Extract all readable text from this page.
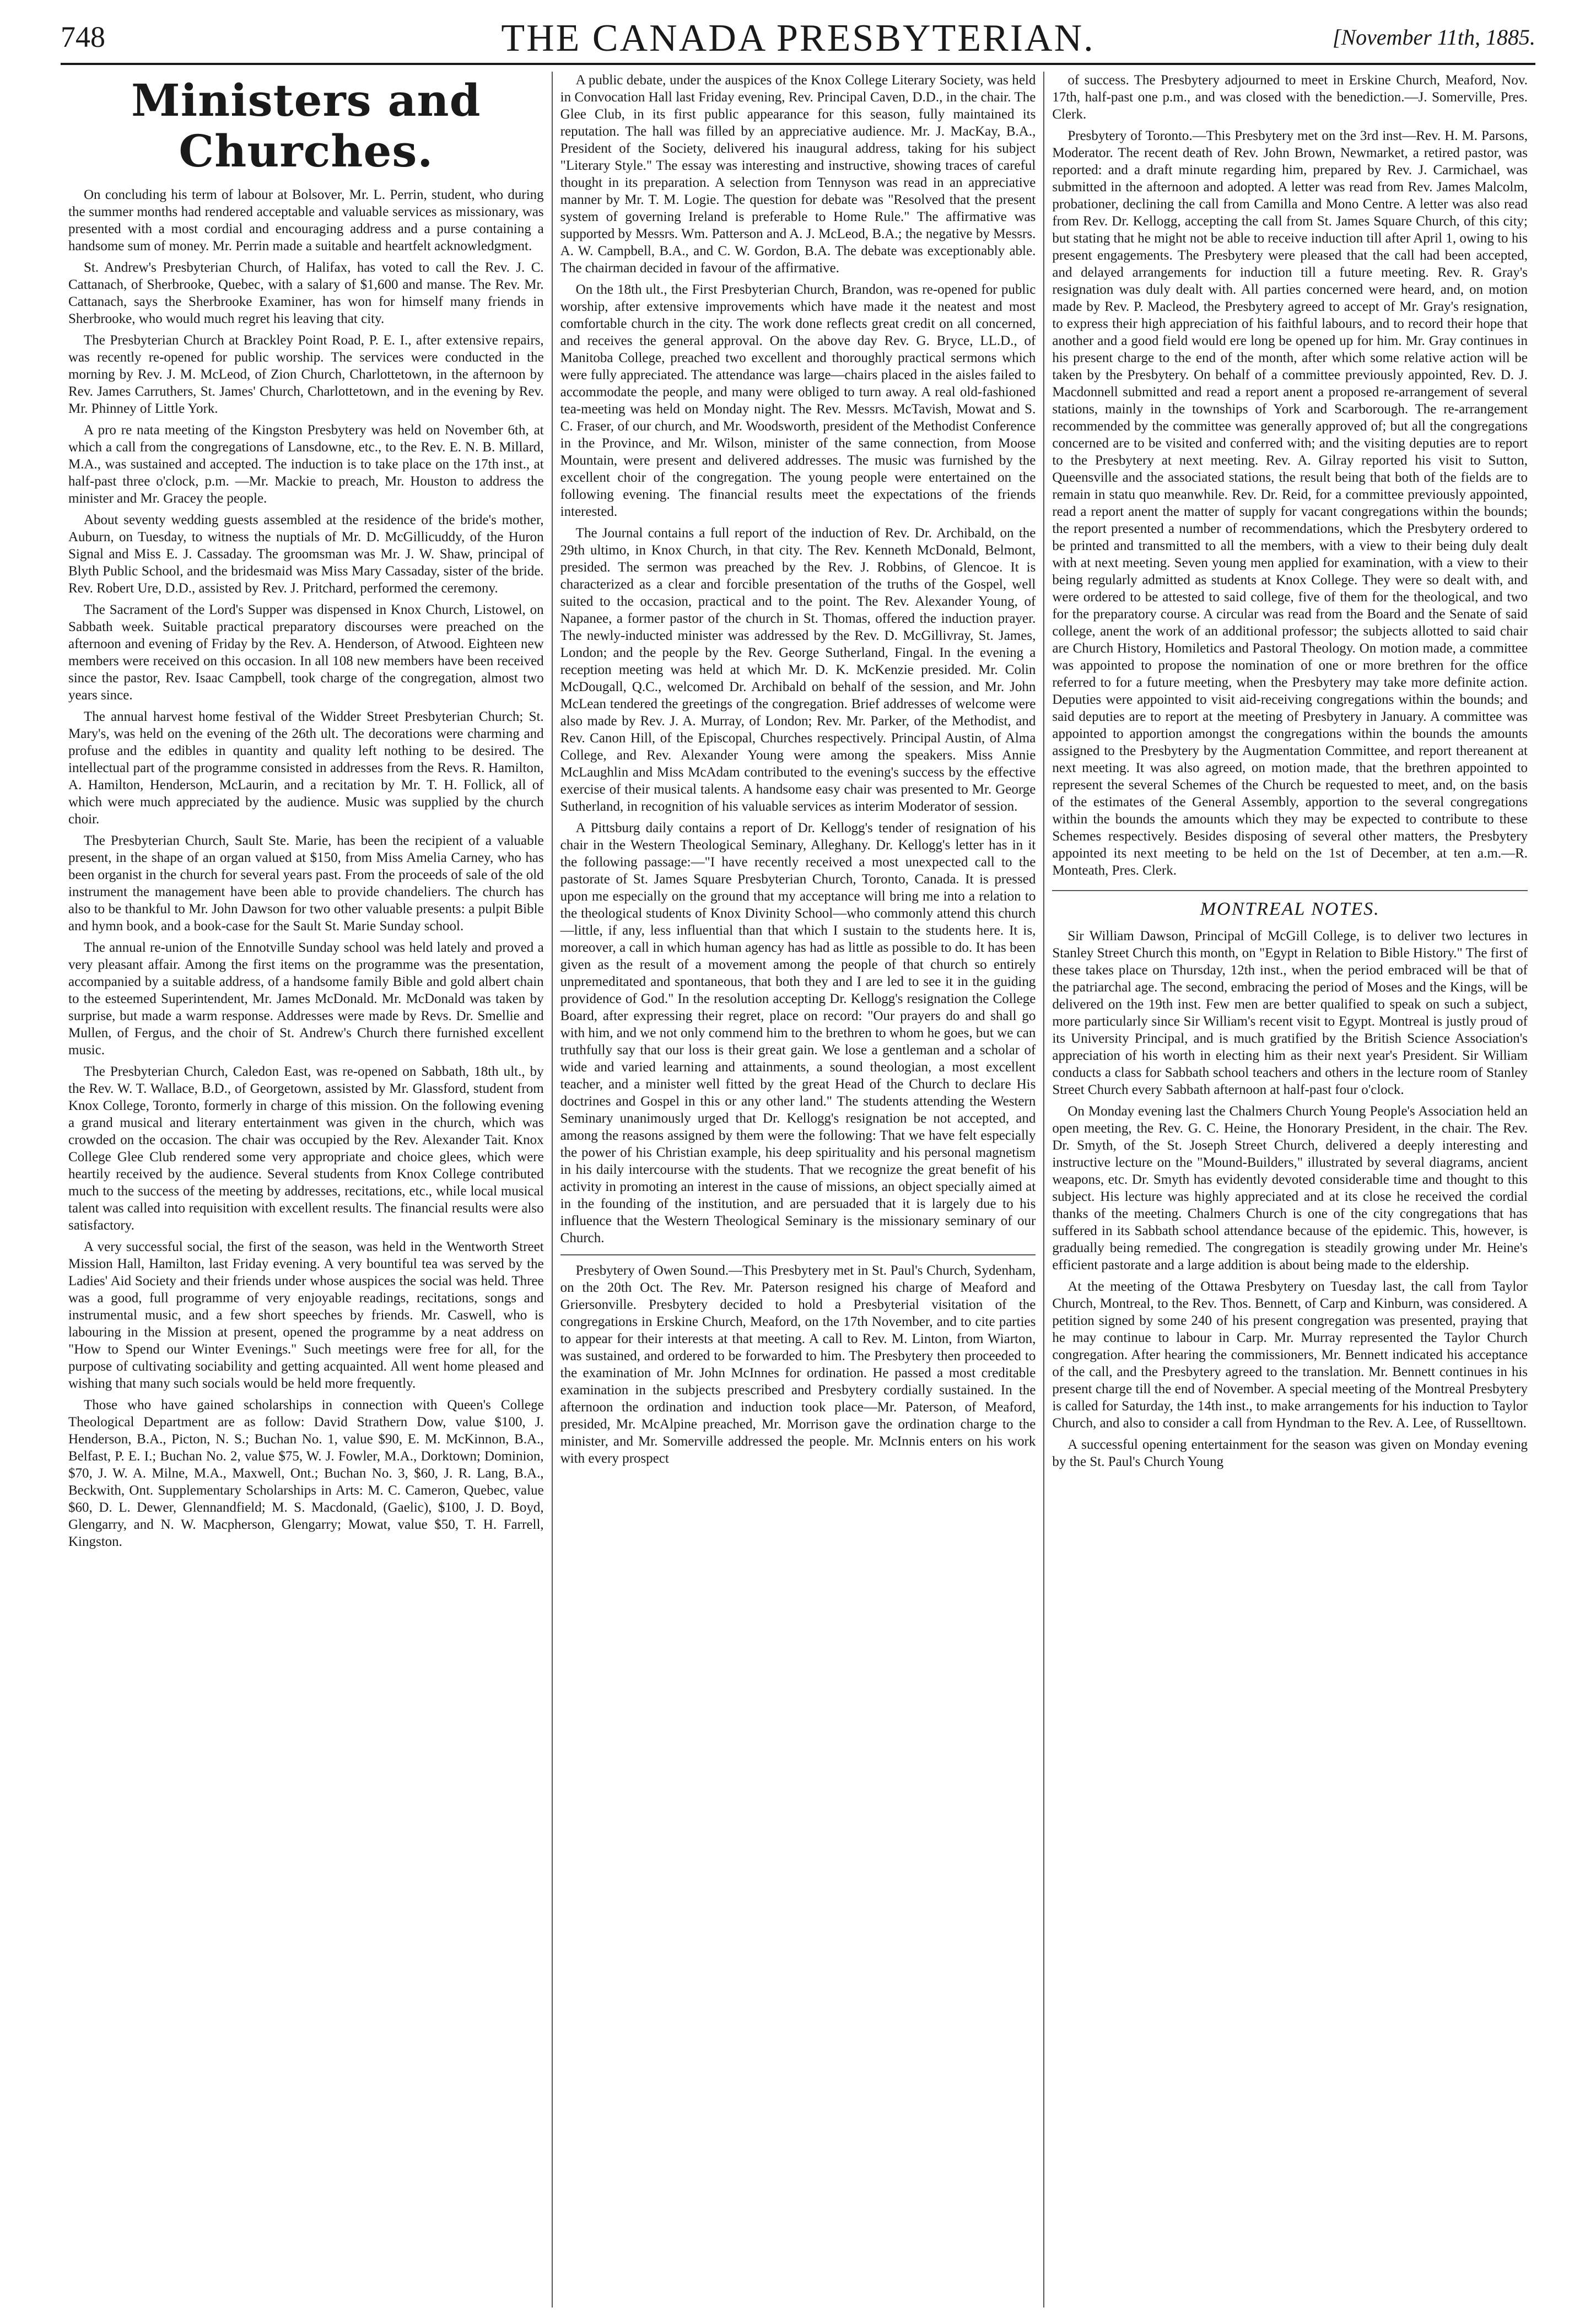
748	THE CANADA PRESBYTERIAN.	[November 11th, 1885.
Ministers and Churches.

On concluding his term of labour at Bolsover, Mr. L. Perrin, student, who during the summer months had rendered acceptable and valuable services as missionary, was presented with a most cordial and encouraging address and a purse containing a handsome sum of money. Mr. Perrin made a suitable and heartfelt acknowledgment.

St. Andrew's Presbyterian Church, of Halifax, has voted to call the Rev. J. C. Cattanach, of Sherbrooke, Quebec, with a salary of $1,600 and manse. The Rev. Mr. Cattanach, says the Sherbrooke Examiner, has won for himself many friends in Sherbrooke, who would much regret his leaving that city.

The Presbyterian Church at Brackley Point Road, P. E. I., after extensive repairs, was recently re-opened for public worship. The services were conducted in the morning by Rev. J. M. McLeod, of Zion Church, Charlottetown, in the afternoon by Rev. James Carruthers, St. James' Church, Charlottetown, and in the evening by Rev. Mr. Phinney of Little York.

A pro re nata meeting of the Kingston Presbytery was held on November 6th, at which a call from the congregations of Lansdowne, etc., to the Rev. E. N. B. Millard, M.A., was sustained and accepted. The induction is to take place on the 17th inst., at half-past three o'clock, p.m. —Mr. Mackie to preach, Mr. Houston to address the minister and Mr. Gracey the people.

About seventy wedding guests assembled at the residence of the bride's mother, Auburn, on Tuesday, to witness the nuptials of Mr. D. McGillicuddy, of the Huron Signal and Miss E. J. Cassaday. The groomsman was Mr. J. W. Shaw, principal of Blyth Public School, and the bridesmaid was Miss Mary Cassaday, sister of the bride. Rev. Robert Ure, D.D., assisted by Rev. J. Pritchard, performed the ceremony.

The Sacrament of the Lord's Supper was dispensed in Knox Church, Listowel, on Sabbath week. Suitable practical preparatory discourses were preached on the afternoon and evening of Friday by the Rev. A. Henderson, of Atwood. Eighteen new members were received on this occasion. In all 108 new members have been received since the pastor, Rev. Isaac Campbell, took charge of the congregation, almost two years since.

The annual harvest home festival of the Widder Street Presbyterian Church; St. Mary's, was held on the evening of the 26th ult. The decorations were charming and profuse and the edibles in quantity and quality left nothing to be desired. The intellectual part of the programme consisted in addresses from the Revs. R. Hamilton, A. Hamilton, Henderson, McLaurin, and a recitation by Mr. T. H. Follick, all of which were much appreciated by the audience. Music was supplied by the church choir.

The Presbyterian Church, Sault Ste. Marie, has been the recipient of a valuable present, in the shape of an organ valued at $150, from Miss Amelia Carney, who has been organist in the church for several years past. From the proceeds of sale of the old instrument the management have been able to provide chandeliers. The church has also to be thankful to Mr. John Dawson for two other valuable presents: a pulpit Bible and hymn book, and a book-case for the Sault St. Marie Sunday school.

The annual re-union of the Ennotville Sunday school was held lately and proved a very pleasant affair. Among the first items on the programme was the presentation, accompanied by a suitable address, of a handsome family Bible and gold albert chain to the esteemed Superintendent, Mr. James McDonald. Mr. McDonald was taken by surprise, but made a warm response. Addresses were made by Revs. Dr. Smellie and Mullen, of Fergus, and the choir of St. Andrew's Church there furnished excellent music.

The Presbyterian Church, Caledon East, was re-opened on Sabbath, 18th ult., by the Rev. W. T. Wallace, B.D., of Georgetown, assisted by Mr. Glassford, student from Knox College, Toronto, formerly in charge of this mission. On the following evening a grand musical and literary entertainment was given in the church, which was crowded on the occasion. The chair was occupied by the Rev. Alexander Tait. Knox College Glee Club rendered some very appropriate and choice glees, which were heartily received by the audience. Several students from Knox College contributed much to the success of the meeting by addresses, recitations, etc., while local musical talent was called into requisition with excellent results. The financial results were also satisfactory.

A very successful social, the first of the season, was held in the Wentworth Street Mission Hall, Hamilton, last Friday evening. A very bountiful tea was served by the Ladies' Aid Society and their friends under whose auspices the social was held. Three was a good, full programme of very enjoyable readings, recitations, songs and instrumental music, and a few short speeches by friends. Mr. Caswell, who is labouring in the Mission at present, opened the programme by a neat address on "How to Spend our Winter Evenings." Such meetings were free for all, for the purpose of cultivating sociability and getting acquainted. All went home pleased and wishing that many such socials would be held more frequently.

Those who have gained scholarships in connection with Queen's College Theological Department are as follow: David Strathern Dow, value $100, J. Henderson, B.A., Picton, N. S.; Buchan No. 1, value $90, E. M. McKinnon, B.A., Belfast, P. E. I.; Buchan No. 2, value $75, W. J. Fowler, M.A., Dorktown; Dominion, $70, J. W. A. Milne, M.A., Maxwell, Ont.; Buchan No. 3, $60, J. R. Lang, B.A., Beckwith, Ont. Supplementary Scholarships in Arts: M. C. Cameron, Quebec, value $60, D. L. Dewer, Glennandfield; M. S. Macdonald, (Gaelic), $100, J. D. Boyd, Glengarry, and N. W. Macpherson, Glengarry; Mowat, value $50, T. H. Farrell, Kingston.

A public debate, under the auspices of the Knox College Literary Society, was held in Convocation Hall last Friday evening, Rev. Principal Caven, D.D., in the chair. The Glee Club, in its first public appearance for this season, fully maintained its reputation. The hall was filled by an appreciative audience. Mr. J. MacKay, B.A., President of the Society, delivered his inaugural address, taking for his subject "Literary Style." The essay was interesting and instructive, showing traces of careful thought in its preparation. A selection from Tennyson was read in an appreciative manner by Mr. T. M. Logie. The question for debate was "Resolved that the present system of governing Ireland is preferable to Home Rule." The affirmative was supported by Messrs. Wm. Patterson and A. J. McLeod, B.A.; the negative by Messrs. A. W. Campbell, B.A., and C. W. Gordon, B.A. The debate was exceptionably able. The chairman decided in favour of the affirmative.

On the 18th ult., the First Presbyterian Church, Brandon, was re-opened for public worship, after extensive improvements which have made it the neatest and most comfortable church in the city. The work done reflects great credit on all concerned, and receives the general approval. On the above day Rev. G. Bryce, LL.D., of Manitoba College, preached two excellent and thoroughly practical sermons which were fully appreciated. The attendance was large—chairs placed in the aisles failed to accommodate the people, and many were obliged to turn away. A real old-fashioned tea-meeting was held on Monday night. The Rev. Messrs. McTavish, Mowat and S. C. Fraser, of our church, and Mr. Woodsworth, president of the Methodist Conference in the Province, and Mr. Wilson, minister of the same connection, from Moose Mountain, were present and delivered addresses. The music was furnished by the excellent choir of the congregation. The young people were entertained on the following evening. The financial results meet the expectations of the friends interested.

The Journal contains a full report of the induction of Rev. Dr. Archibald, on the 29th ultimo, in Knox Church, in that city. The Rev. Kenneth McDonald, Belmont, presided. The sermon was preached by the Rev. J. Robbins, of Glencoe. It is characterized as a clear and forcible presentation of the truths of the Gospel, well suited to the occasion, practical and to the point. The Rev. Alexander Young, of Napanee, a former pastor of the church in St. Thomas, offered the induction prayer. The newly-inducted minister was addressed by the Rev. D. McGillivray, St. James, London; and the people by the Rev. George Sutherland, Fingal. In the evening a reception meeting was held at which Mr. D. K. McKenzie presided. Mr. Colin McDougall, Q.C., welcomed Dr. Archibald on behalf of the session, and Mr. John McLean tendered the greetings of the congregation. Brief addresses of welcome were also made by Rev. J. A. Murray, of London; Rev. Mr. Parker, of the Methodist, and Rev. Canon Hill, of the Episcopal, Churches respectively. Principal Austin, of Alma College, and Rev. Alexander Young were among the speakers. Miss Annie McLaughlin and Miss McAdam contributed to the evening's success by the effective exercise of their musical talents. A handsome easy chair was presented to Mr. George Sutherland, in recognition of his valuable services as interim Moderator of session.

A Pittsburg daily contains a report of Dr. Kellogg's tender of resignation of his chair in the Western Theological Seminary, Alleghany. Dr. Kellogg's letter has in it the following passage:—"I have recently received a most unexpected call to the pastorate of St. James Square Presbyterian Church, Toronto, Canada. It is pressed upon me especially on the ground that my acceptance will bring me into a relation to the theological students of Knox Divinity School—who commonly attend this church—little, if any, less influential than that which I sustain to the students here. It is, moreover, a call in which human agency has had as little as possible to do. It has been given as the result of a movement among the people of that church so entirely unpremeditated and spontaneous, that both they and I are led to see it in the guiding providence of God." In the resolution accepting Dr. Kellogg's resignation the College Board, after expressing their regret, place on record: "Our prayers do and shall go with him, and we not only commend him to the brethren to whom he goes, but we can truthfully say that our loss is their great gain. We lose a gentleman and a scholar of wide and varied learning and attainments, a sound theologian, a most excellent teacher, and a minister well fitted by the great Head of the Church to declare His doctrines and Gospel in this or any other land." The students attending the Western Seminary unanimously urged that Dr. Kellogg's resignation be not accepted, and among the reasons assigned by them were the following: That we have felt especially the power of his Christian example, his deep spirituality and his personal magnetism in his daily intercourse with the students. That we recognize the great benefit of his activity in promoting an interest in the cause of missions, an object specially aimed at in the founding of the institution, and are persuaded that it is largely due to his influence that the Western Theological Seminary is the missionary seminary of our Church.

Presbytery of Owen Sound.—This Presbytery met in St. Paul's Church, Sydenham, on the 20th Oct. The Rev. Mr. Paterson resigned his charge of Meaford and Griersonville. Presbytery decided to hold a Presbyterial visitation of the congregations in Erskine Church, Meaford, on the 17th November, and to cite parties to appear for their interests at that meeting. A call to Rev. M. Linton, from Wiarton, was sustained, and ordered to be forwarded to him. The Presbytery then proceeded to the examination of Mr. John McInnes for ordination. He passed a most creditable examination in the subjects prescribed and Presbytery cordially sustained. In the afternoon the ordination and induction took place—Mr. Paterson, of Meaford, presided, Mr. McAlpine preached, Mr. Morrison gave the ordination charge to the minister, and Mr. Somerville addressed the people. Mr. McInnis enters on his work with every prospect

of success. The Presbytery adjourned to meet in Erskine Church, Meaford, Nov. 17th, half-past one p.m., and was closed with the benediction.—J. Somerville, Pres. Clerk.

Presbytery of Toronto.—This Presbytery met on the 3rd inst—Rev. H. M. Parsons, Moderator. The recent death of Rev. John Brown, Newmarket, a retired pastor, was reported: and a draft minute regarding him, prepared by Rev. J. Carmichael, was submitted in the afternoon and adopted. A letter was read from Rev. James Malcolm, probationer, declining the call from Camilla and Mono Centre. A letter was also read from Rev. Dr. Kellogg, accepting the call from St. James Square Church, of this city; but stating that he might not be able to receive induction till after April 1, owing to his present engagements. The Presbytery were pleased that the call had been accepted, and delayed arrangements for induction till a future meeting. Rev. R. Gray's resignation was duly dealt with. All parties concerned were heard, and, on motion made by Rev. P. Macleod, the Presbytery agreed to accept of Mr. Gray's resignation, to express their high appreciation of his faithful labours, and to record their hope that another and a good field would ere long be opened up for him. Mr. Gray continues in his present charge to the end of the month, after which some relative action will be taken by the Presbytery. On behalf of a committee previously appointed, Rev. D. J. Macdonnell submitted and read a report anent a proposed re-arrangement of several stations, mainly in the townships of York and Scarborough. The re-arrangement recommended by the committee was generally approved of; but all the congregations concerned are to be visited and conferred with; and the visiting deputies are to report to the Presbytery at next meeting. Rev. A. Gilray reported his visit to Sutton, Queensville and the associated stations, the result being that both of the fields are to remain in statu quo meanwhile. Rev. Dr. Reid, for a committee previously appointed, read a report anent the matter of supply for vacant congregations within the bounds; the report presented a number of recommendations, which the Presbytery ordered to be printed and transmitted to all the members, with a view to their being duly dealt with at next meeting. Seven young men applied for examination, with a view to their being regularly admitted as students at Knox College. They were so dealt with, and were ordered to be attested to said college, five of them for the theological, and two for the preparatory course. A circular was read from the Board and the Senate of said college, anent the work of an additional professor; the subjects allotted to said chair are Church History, Homiletics and Pastoral Theology. On motion made, a committee was appointed to propose the nomination of one or more brethren for the office referred to for a future meeting, when the Presbytery may take more definite action. Deputies were appointed to visit aid-receiving congregations within the bounds; and said deputies are to report at the meeting of Presbytery in January. A committee was appointed to apportion amongst the congregations within the bounds the amounts assigned to the Presbytery by the Augmentation Committee, and report thereanent at next meeting. It was also agreed, on motion made, that the brethren appointed to represent the several Schemes of the Church be requested to meet, and, on the basis of the estimates of the General Assembly, apportion to the several congregations within the bounds the amounts which they may be expected to contribute to these Schemes respectively. Besides disposing of several other matters, the Presbytery appointed its next meeting to be held on the 1st of December, at ten a.m.—R. Monteath, Pres. Clerk.

MONTREAL NOTES.

Sir William Dawson, Principal of McGill College, is to deliver two lectures in Stanley Street Church this month, on "Egypt in Relation to Bible History." The first of these takes place on Thursday, 12th inst., when the period embraced will be that of the patriarchal age. The second, embracing the period of Moses and the Kings, will be delivered on the 19th inst. Few men are better qualified to speak on such a subject, more particularly since Sir William's recent visit to Egypt. Montreal is justly proud of its University Principal, and is much gratified by the British Science Association's appreciation of his worth in electing him as their next year's President. Sir William conducts a class for Sabbath school teachers and others in the lecture room of Stanley Street Church every Sabbath afternoon at half-past four o'clock.

On Monday evening last the Chalmers Church Young People's Association held an open meeting, the Rev. G. C. Heine, the Honorary President, in the chair. The Rev. Dr. Smyth, of the St. Joseph Street Church, delivered a deeply interesting and instructive lecture on the "Mound-Builders," illustrated by several diagrams, ancient weapons, etc. Dr. Smyth has evidently devoted considerable time and thought to this subject. His lecture was highly appreciated and at its close he received the cordial thanks of the meeting. Chalmers Church is one of the city congregations that has suffered in its Sabbath school attendance because of the epidemic. This, however, is gradually being remedied. The congregation is steadily growing under Mr. Heine's efficient pastorate and a large addition is about being made to the eldership.

At the meeting of the Ottawa Presbytery on Tuesday last, the call from Taylor Church, Montreal, to the Rev. Thos. Bennett, of Carp and Kinburn, was considered. A petition signed by some 240 of his present congregation was presented, praying that he may continue to labour in Carp. Mr. Murray represented the Taylor Church congregation. After hearing the commissioners, Mr. Bennett indicated his acceptance of the call, and the Presbytery agreed to the translation. Mr. Bennett continues in his present charge till the end of November. A special meeting of the Montreal Presbytery is called for Saturday, the 14th inst., to make arrangements for his induction to Taylor Church, and also to consider a call from Hyndman to the Rev. A. Lee, of Russelltown.

A successful opening entertainment for the season was given on Monday evening by the St. Paul's Church Young
